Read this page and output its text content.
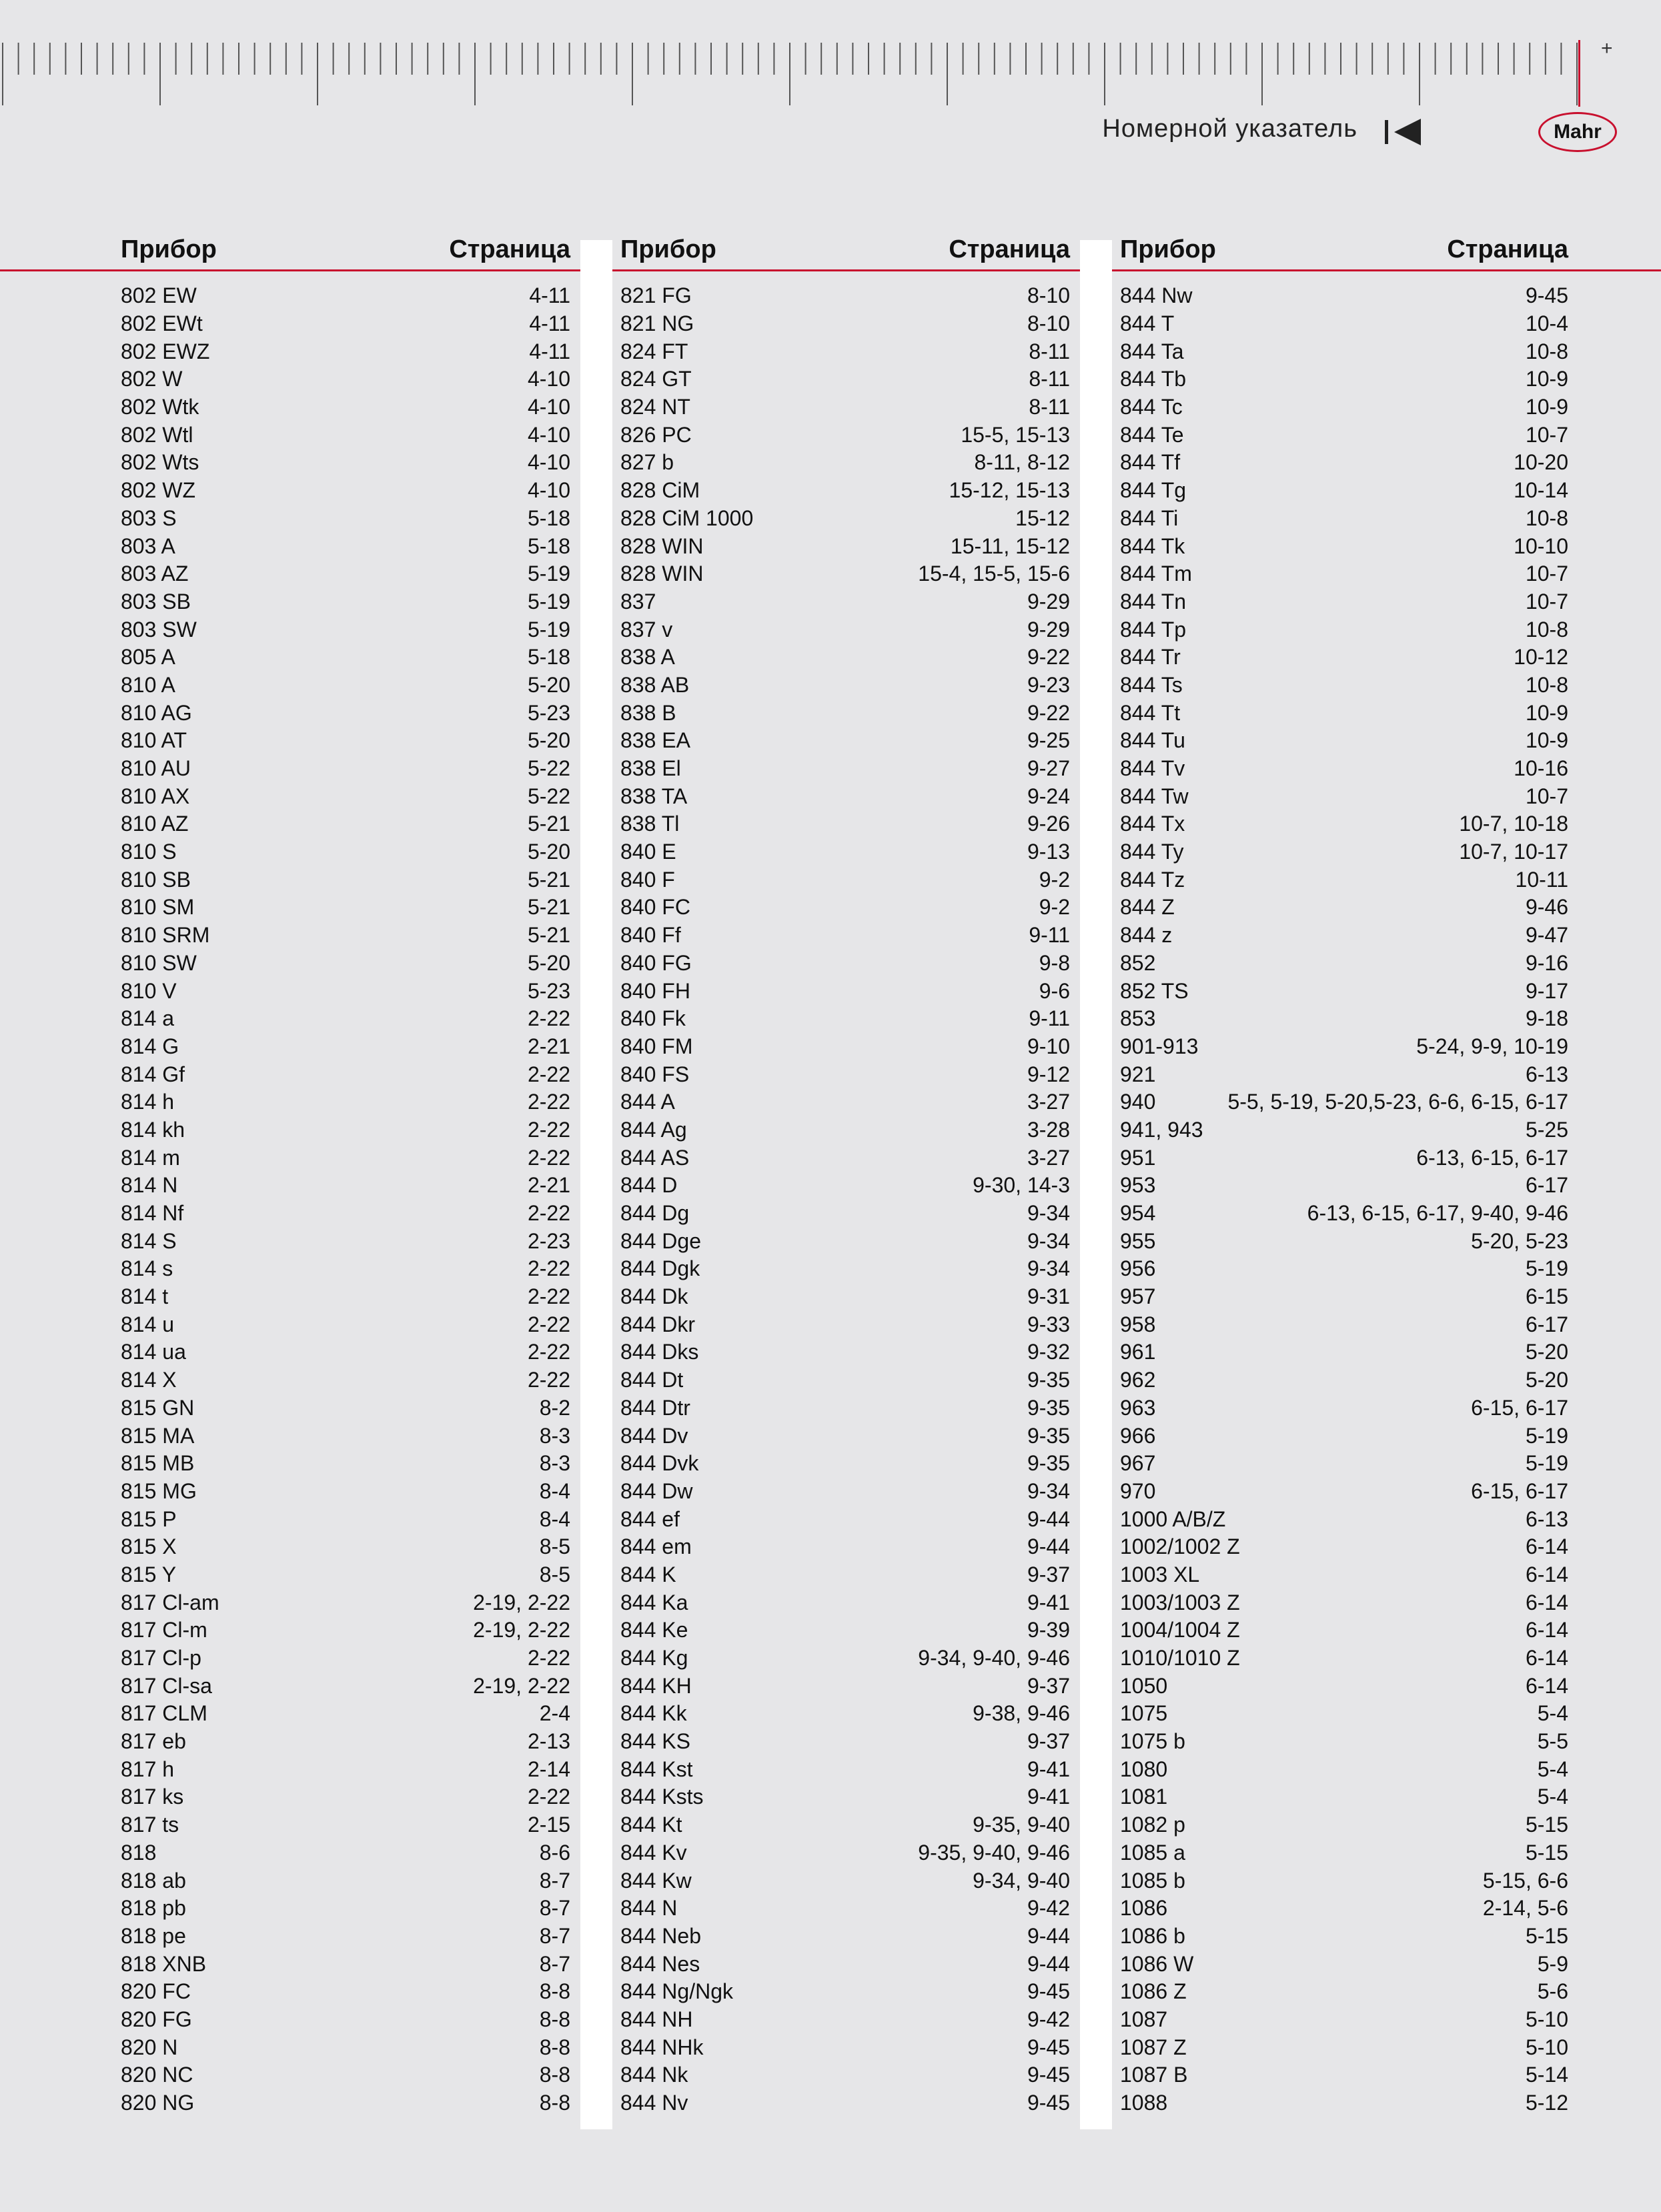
+
Номерной указатель	Mahr
Прибор	Страница
802 EW	4-11
802 EWt	4-11
802 EWZ	4-11
802 W	4-10
802 Wtk	4-10
802 Wtl	4-10
802 Wts	4-10
802 WZ	4-10
803 S	5-18
803 A	5-18
803 AZ	5-19
803 SB	5-19
803 SW	5-19
805 A	5-18
810 A	5-20
810 AG	5-23
810 AT	5-20
810 AU	5-22
810 AX	5-22
810 AZ	5-21
810 S	5-20
810 SB	5-21
810 SM	5-21
810 SRM	5-21
810 SW	5-20
810 V	5-23
814 a	2-22
814 G	2-21
814 Gf	2-22
814 h	2-22
814 kh	2-22
814 m	2-22
814 N	2-21
814 Nf	2-22
814 S	2-23
814 s	2-22
814 t	2-22
814 u	2-22
814 ua	2-22
814 X	2-22
815 GN	8-2
815 MA	8-3
815 MB	8-3
815 MG	8-4
815 P	8-4
815 X	8-5
815 Y	8-5
817 Cl-am	2-19, 2-22
817 Cl-m	2-19, 2-22
817 Cl-p	2-22
817 Cl-sa	2-19, 2-22
817 CLM	2-4
817 eb	2-13
817 h	2-14
817 ks	2-22
817 ts	2-15
818	8-6
818 ab	8-7
818 pb	8-7
818 pe	8-7
818 XNB	8-7
820 FC	8-8
820 FG	8-8
820 N	8-8
820 NC	8-8
820 NG	8-8
Прибор	Страница
821 FG	8-10
821 NG	8-10
824 FT	8-11
824 GT	8-11
824 NT	8-11
826 PC	15-5, 15-13
827 b	8-11, 8-12
828 CiM	15-12, 15-13
828 CiM 1000	15-12
828 WIN	15-11, 15-12
828 WIN	15-4, 15-5, 15-6
837	9-29
837 v	9-29
838 A	9-22
838 AB	9-23
838 B	9-22
838 EA	9-25
838 El	9-27
838 TA	9-24
838 Tl	9-26
840 E	9-13
840 F	9-2
840 FC	9-2
840 Ff	9-11
840 FG	9-8
840 FH	9-6
840 Fk	9-11
840 FM	9-10
840 FS	9-12
844 A	3-27
844 Ag	3-28
844 AS	3-27
844 D	9-30, 14-3
844 Dg	9-34
844 Dge	9-34
844 Dgk	9-34
844 Dk	9-31
844 Dkr	9-33
844 Dks	9-32
844 Dt	9-35
844 Dtr	9-35
844 Dv	9-35
844 Dvk	9-35
844 Dw	9-34
844 ef	9-44
844 em	9-44
844 K	9-37
844 Ka	9-41
844 Ke	9-39
844 Kg	9-34, 9-40, 9-46
844 KH	9-37
844 Kk	9-38, 9-46
844 KS	9-37
844 Kst	9-41
844 Ksts	9-41
844 Kt	9-35, 9-40
844 Kv	9-35, 9-40, 9-46
844 Kw	9-34, 9-40
844 N	9-42
844 Neb	9-44
844 Nes	9-44
844 Ng/Ngk	9-45
844 NH	9-42
844 NHk	9-45
844 Nk	9-45
844 Nv	9-45
Прибор	Страница
844 Nw	9-45
844 T	10-4
844 Ta	10-8
844 Tb	10-9
844 Tc	10-9
844 Te	10-7
844 Tf	10-20
844 Tg	10-14
844 Ti	10-8
844 Tk	10-10
844 Tm	10-7
844 Tn	10-7
844 Tp	10-8
844 Tr	10-12
844 Ts	10-8
844 Tt	10-9
844 Tu	10-9
844 Tv	10-16
844 Tw	10-7
844 Tx	10-7, 10-18
844 Ty	10-7, 10-17
844 Tz	10-11
844 Z	9-46
844 z	9-47
852	9-16
852 TS	9-17
853	9-18
901-913	5-24, 9-9, 10-19
921	6-13
940	5-5, 5-19, 5-20,5-23, 6-6, 6-15, 6-17
941, 943	5-25
951	6-13, 6-15, 6-17
953	6-17
954	6-13, 6-15, 6-17, 9-40, 9-46
955	5-20, 5-23
956	5-19
957	6-15
958	6-17
961	5-20
962	5-20
963	6-15, 6-17
966	5-19
967	5-19
970	6-15, 6-17
1000 A/B/Z	6-13
1002/1002 Z	6-14
1003 XL	6-14
1003/1003 Z	6-14
1004/1004 Z	6-14
1010/1010 Z	6-14
1050	6-14
1075	5-4
1075 b	5-5
1080	5-4
1081	5-4
1082 p	5-15
1085 a	5-15
1085 b	5-15, 6-6
1086	2-14, 5-6
1086 b	5-15
1086 W	5-9
1086 Z	5-6
1087	5-10
1087 Z	5-10
1087 B	5-14
1088	5-12
